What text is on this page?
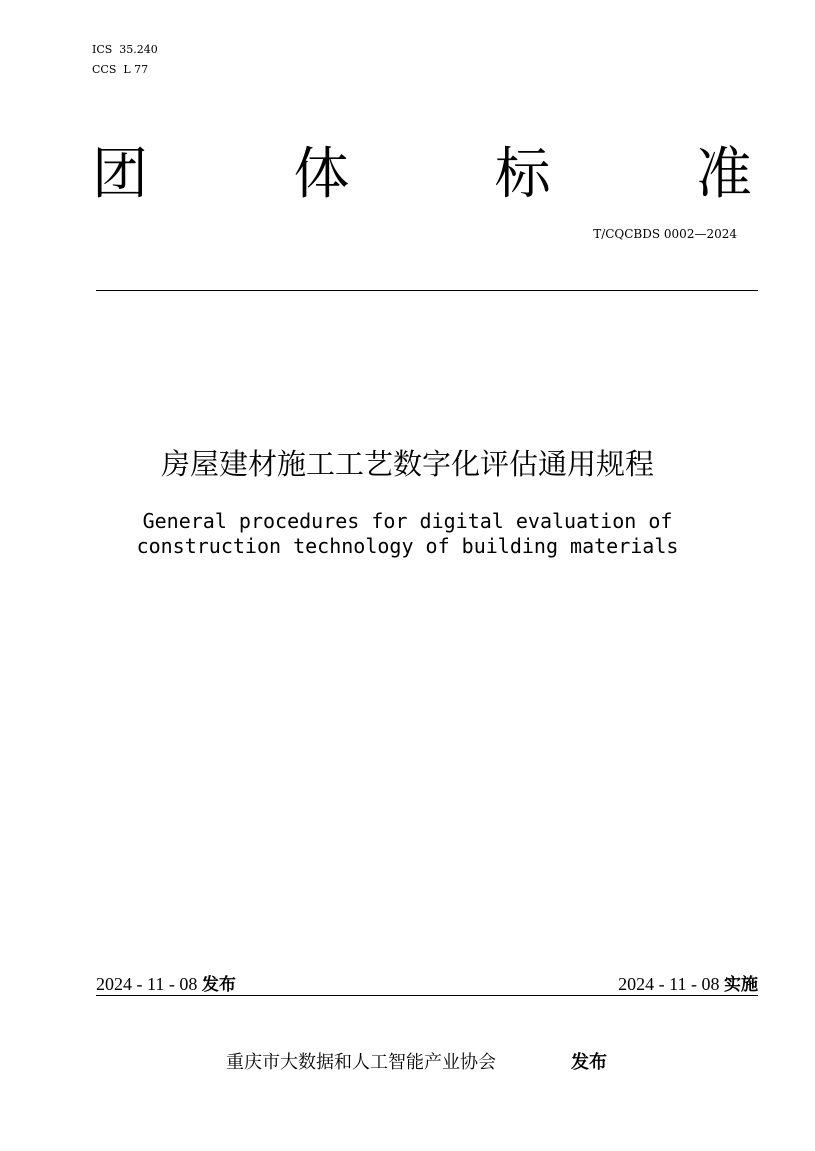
ICS  35.240
CCS  L 77
团	体	标	准
T/CQCBDS 0002—2024
房屋建材施工工艺数字化评估通用规程
General procedures for digital evaluation of
construction technology of building materials
2024 - 11 - 08 发布	2024 - 11 - 08 实施
重庆市大数据和人工智能产业协会	发布
